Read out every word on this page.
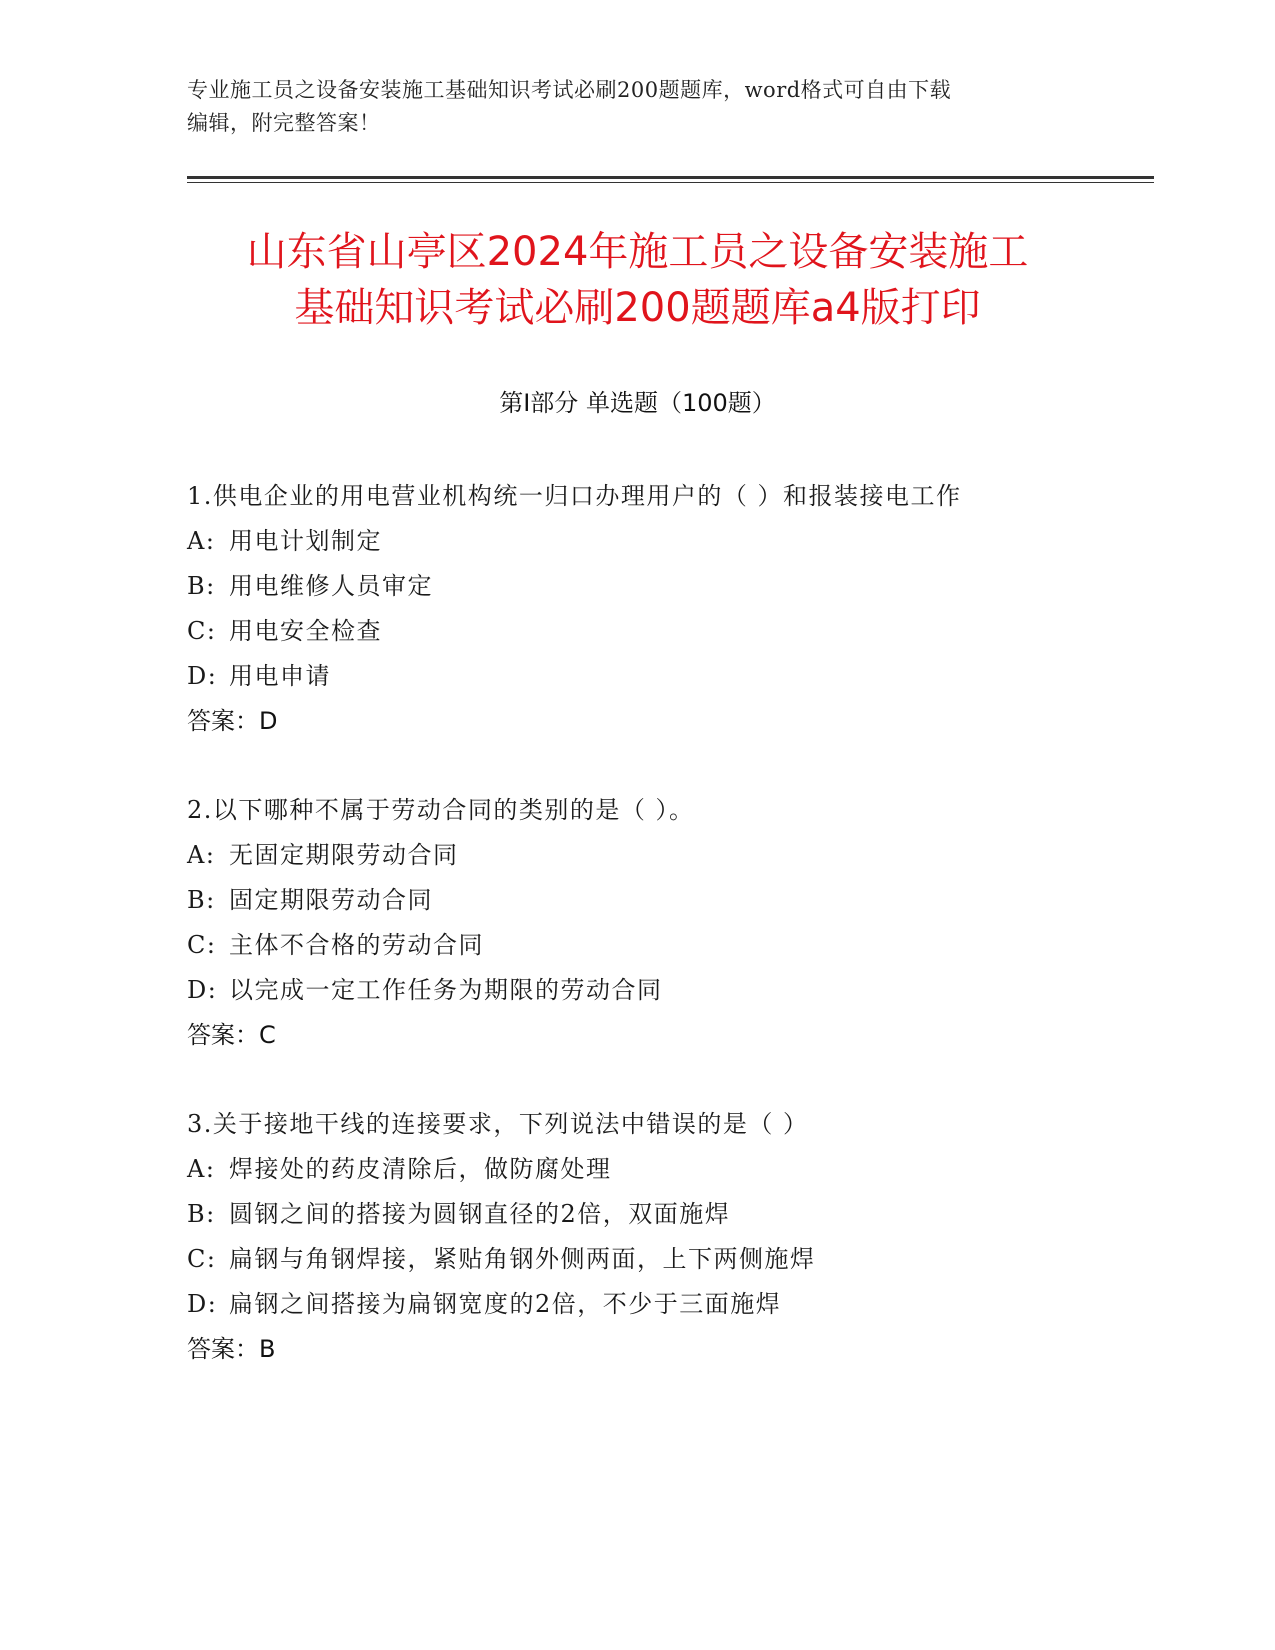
专业施工员之设备安装施工基础知识考试必刷200题题库，word格式可自由下载
编辑，附完整答案！
山东省山亭区2024年施工员之设备安装施工
基础知识考试必刷200题题库a4版打印
第Ⅰ部分 单选题（100题）
1.供电企业的用电营业机构统一归口办理用户的（ ）和报装接电工作
A: 用电计划制定
B: 用电维修人员审定
C: 用电安全检查
D: 用电申请
答案：D
2.以下哪种不属于劳动合同的类别的是（ ）。
A: 无固定期限劳动合同
B: 固定期限劳动合同
C: 主体不合格的劳动合同
D: 以完成一定工作任务为期限的劳动合同
答案：C
3.关于接地干线的连接要求，下列说法中错误的是（ ）
A: 焊接处的药皮清除后，做防腐处理
B: 圆钢之间的搭接为圆钢直径的2倍，双面施焊
C: 扁钢与角钢焊接，紧贴角钢外侧两面，上下两侧施焊
D: 扁钢之间搭接为扁钢宽度的2倍，不少于三面施焊
答案：B
